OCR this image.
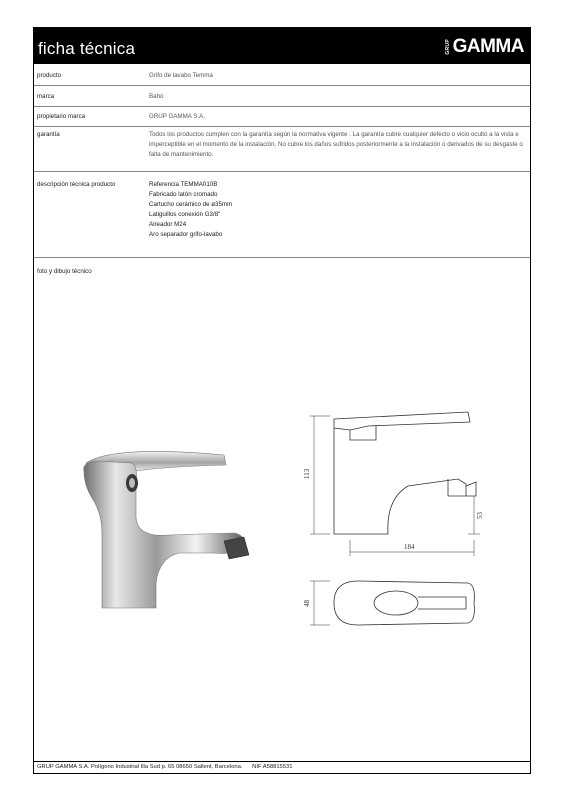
ficha técnica	GRUP GAMMA
producto	Grifo de lavabo Temma
marca	Baho
propietario marca	GRUP GAMMA S.A.
garantía	Todos los productos cumplen con la garantía según la normativa vigente . La garantía cubre cualquier defecto o vicio oculto a la vista e imperceptible en el momento de la instalación. No cubre los daños sufridos posteriormente a la instalación o derivados de su desgaste o falta de mantenimiento.
descripción técnica producto	Referencia TEMMA010B
Fabricado latón cromado
Cartucho cerámico de ø35mm
Latiguillos conexión G3/8"
Aireador M24
Aro separador grifo-lavabo
foto y dibujo técnico
113
53
184
48
GRUP GAMMA S.A. Polígono Industrial Illa Sud p. 65 08650 Sallent, Barcelona. NIF A58815531
